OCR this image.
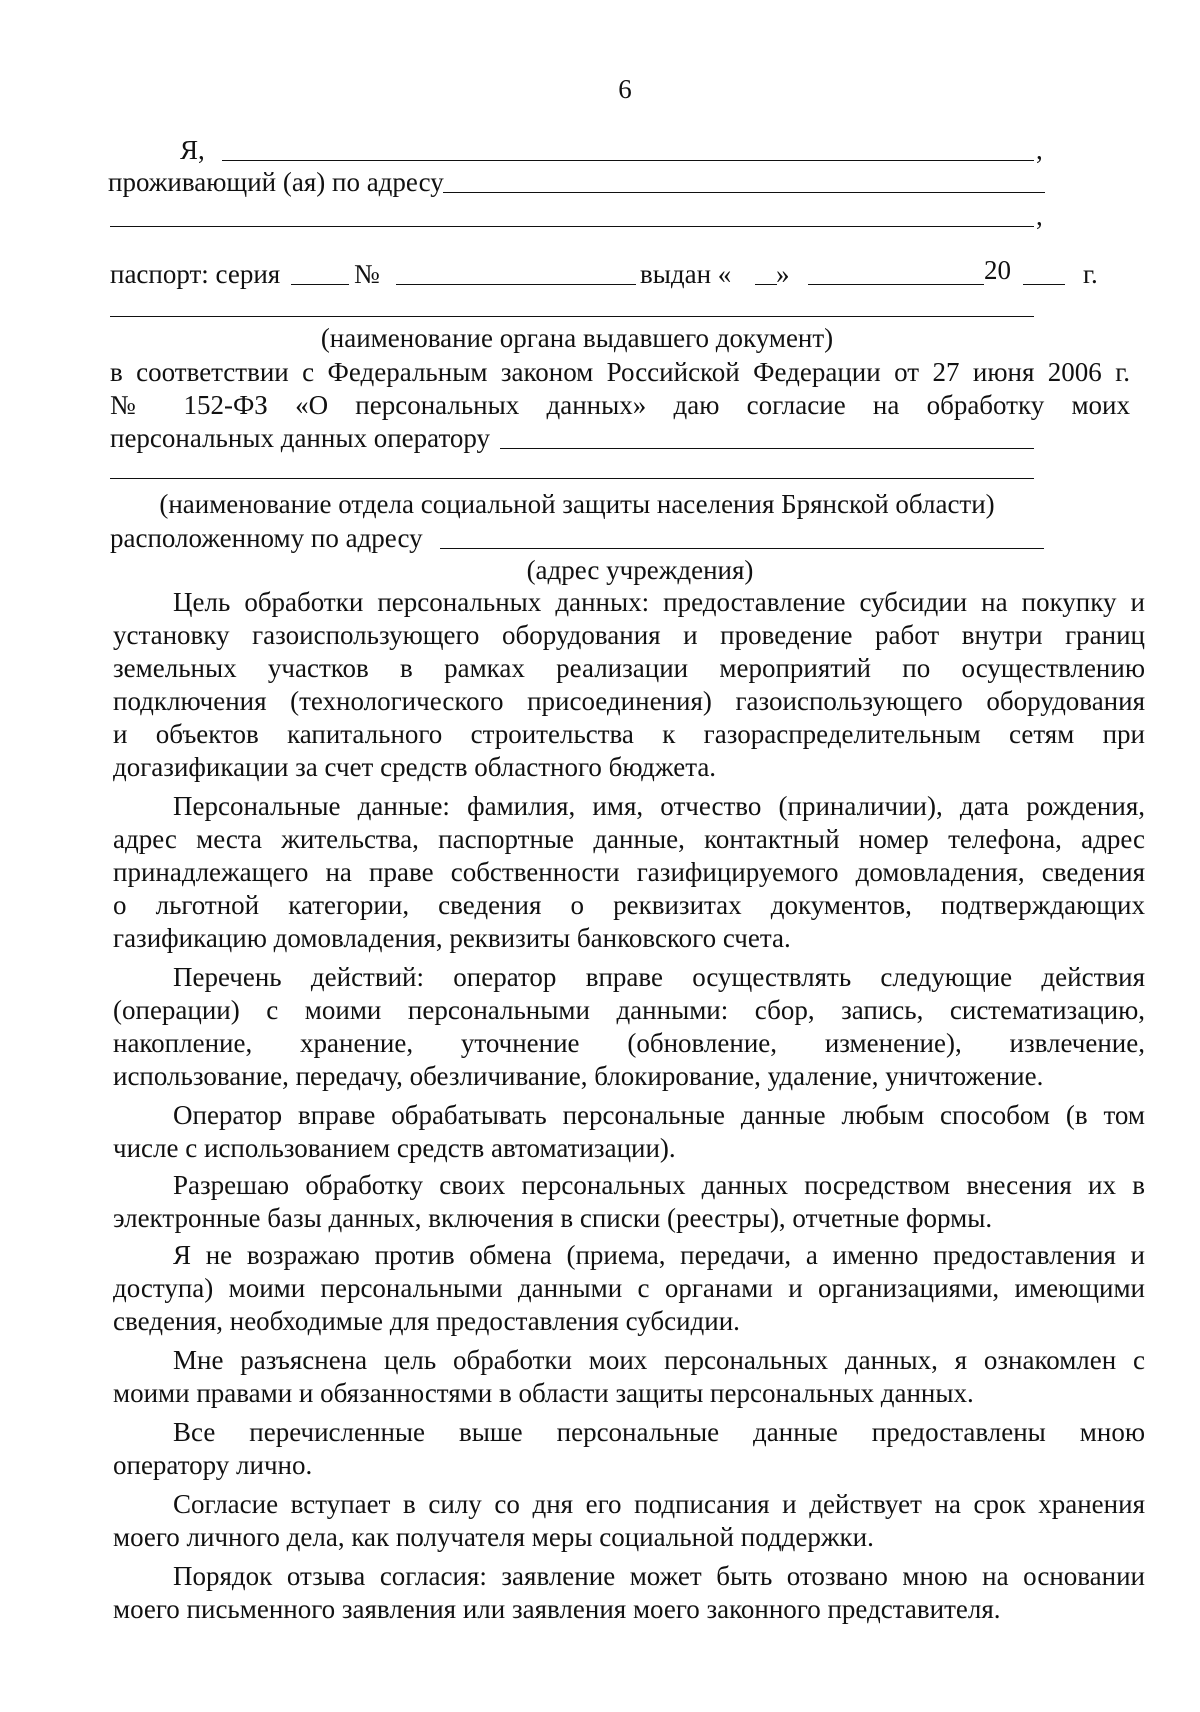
6
Я,	,
проживающий (ая) по адресу
,
паспорт: серия	№	выдан « »	20	г.
(наименование органа выдавшего документ)
в соответствии с Федеральным законом Российской Федерации от 27 июня 2006 г.
№ 152-ФЗ «О персональных данных» даю согласие на обработку моих
персональных данных оператору
(наименование отдела социальной защиты населения Брянской области)
расположенному по адресу
(адрес учреждения)
Цель обработки персональных данных: предоставление субсидии на покупку и
установку газоиспользующего оборудования и проведение работ внутри границ
земельных участков в рамках реализации мероприятий по осуществлению
подключения (технологического присоединения) газоиспользующего оборудования
и объектов капитального строительства к газораспределительным сетям при
догазификации за счет средств областного бюджета.
Персональные данные: фамилия, имя, отчество (приналичии), дата рождения,
адрес места жительства, паспортные данные, контактный номер телефона, адрес
принадлежащего на праве собственности газифицируемого домовладения, сведения
о льготной категории, сведения о реквизитах документов, подтверждающих
газификацию домовладения, реквизиты банковского счета.
Перечень действий: оператор вправе осуществлять следующие действия
(операции) с моими персональными данными: сбор, запись, систематизацию,
накопление, хранение, уточнение (обновление, изменение), извлечение,
использование, передачу, обезличивание, блокирование, удаление, уничтожение.
Оператор вправе обрабатывать персональные данные любым способом (в том
числе с использованием средств автоматизации).
Разрешаю обработку своих персональных данных посредством внесения их в
электронные базы данных, включения в списки (реестры), отчетные формы.
Я не возражаю против обмена (приема, передачи, а именно предоставления и
доступа) моими персональными данными с органами и организациями, имеющими
сведения, необходимые для предоставления субсидии.
Мне разъяснена цель обработки моих персональных данных, я ознакомлен с
моими правами и обязанностями в области защиты персональных данных.
Все перечисленные выше персональные данные предоставлены мною
оператору лично.
Согласие вступает в силу со дня его подписания и действует на срок хранения
моего личного дела, как получателя меры социальной поддержки.
Порядок отзыва согласия: заявление может быть отозвано мною на основании
моего письменного заявления или заявления моего законного представителя.
